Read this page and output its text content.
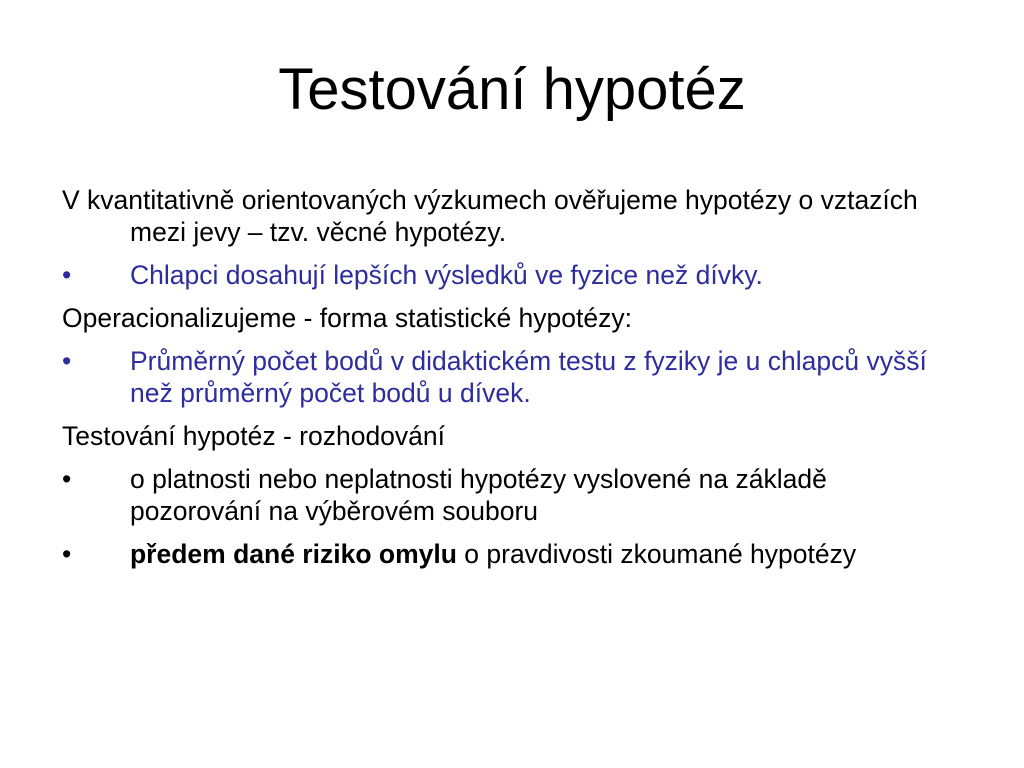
Testování hypotéz
V kvantitativně orientovaných výzkumech ověřujeme hypotézy o vztazích mezi jevy – tzv. věcné hypotézy.
•	Chlapci dosahují lepších výsledků ve fyzice než dívky.
Operacionalizujeme - forma statistické hypotézy:
•	Průměrný počet bodů v didaktickém testu z fyziky je u chlapců vyšší než průměrný počet bodů u dívek.
Testování hypotéz - rozhodování
•	o platnosti nebo neplatnosti hypotézy vyslovené na základě pozorování na výběrovém souboru
•	předem dané riziko omylu o pravdivosti zkoumané hypotézy
